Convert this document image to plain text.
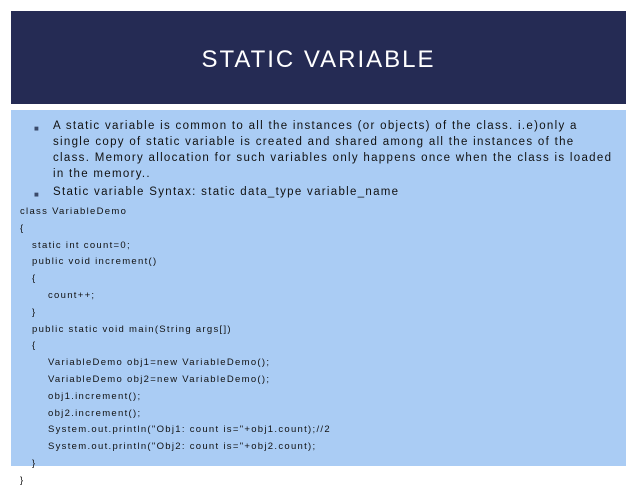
STATIC VARIABLE
■ A static variable is common to all the instances (or objects) of the class. i.e)only a single copy of static variable is created and shared among all the instances of the class. Memory allocation for such variables only happens once when the class is loaded in the memory..
■ Static variable Syntax: static data_type variable_name
class VariableDemo
{
static int count=0;
public void increment()
{
count++;
}
public static void main(String args[])
{
VariableDemo obj1=new VariableDemo();
VariableDemo obj2=new VariableDemo();
obj1.increment();
obj2.increment();
System.out.println("Obj1: count is="+obj1.count);//2
System.out.println("Obj2: count is="+obj2.count);
}
}
